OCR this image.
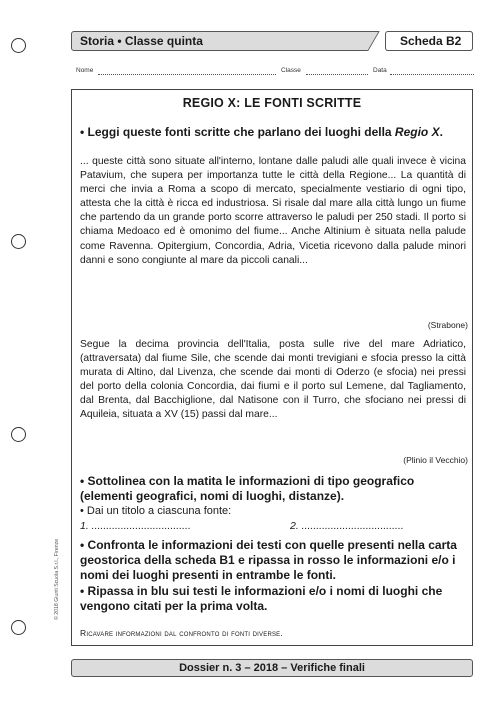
Storia • Classe quinta	Scheda B2
Nome	Classe	Data
REGIO X: LE FONTI SCRITTE
• Leggi queste fonti scritte che parlano dei luoghi della Regio X.
... queste città sono situate all'interno, lontane dalle paludi alle quali invece è vicina Patavium, che supera per importanza tutte le città della Regione... La quantità di merci che invia a Roma a scopo di mercato, specialmente vestiario di ogni tipo, attesta che la città è ricca ed industriosa. Si risale dal mare alla città lungo un fiume che partendo da un grande porto scorre attraverso le paludi per 250 stadi. Il porto si chiama Medoaco ed è omonimo del fiume... Anche Altinium è situata nella palude come Ravenna. Opitergium, Concordia, Adria, Vicetia ricevono dalla palude minori danni e sono congiunte al mare da piccoli canali...
(Strabone)
Segue la decima provincia dell'Italia, posta sulle rive del mare Adriatico, (attraversata) dal fiume Sile, che scende dai monti trevigiani e sfocia presso la città murata di Altino, dal Livenza, che scende dai monti di Oderzo (e sfocia) nei pressi del porto della colonia Concordia, dai fiumi e il porto sul Lemene, dal Tagliamento, dal Brenta, dal Bacchiglione, dal Natisone con il Turro, che sfociano nei pressi di Aquileia, situata a XV (15) passi dal mare...
(Plinio il Vecchio)
• Sottolinea con la matita le informazioni di tipo geografico (elementi geografici, nomi di luoghi, distanze).
• Dai un titolo a ciascuna fonte:
1. ..................................	2. ...................................
• Confronta le informazioni dei testi con quelle presenti nella carta geostorica della scheda B1 e ripassa in rosso le informazioni e/o i nomi dei luoghi presenti in entrambe le fonti.
• Ripassa in blu sui testi le informazioni e/o i nomi di luoghi che vengono citati per la prima volta.
Ricavare informazioni dal confronto di fonti diverse.
© 2018 Giunti Scuola S.r.l., Firenze
Dossier n. 3 – 2018 – Verifiche finali
